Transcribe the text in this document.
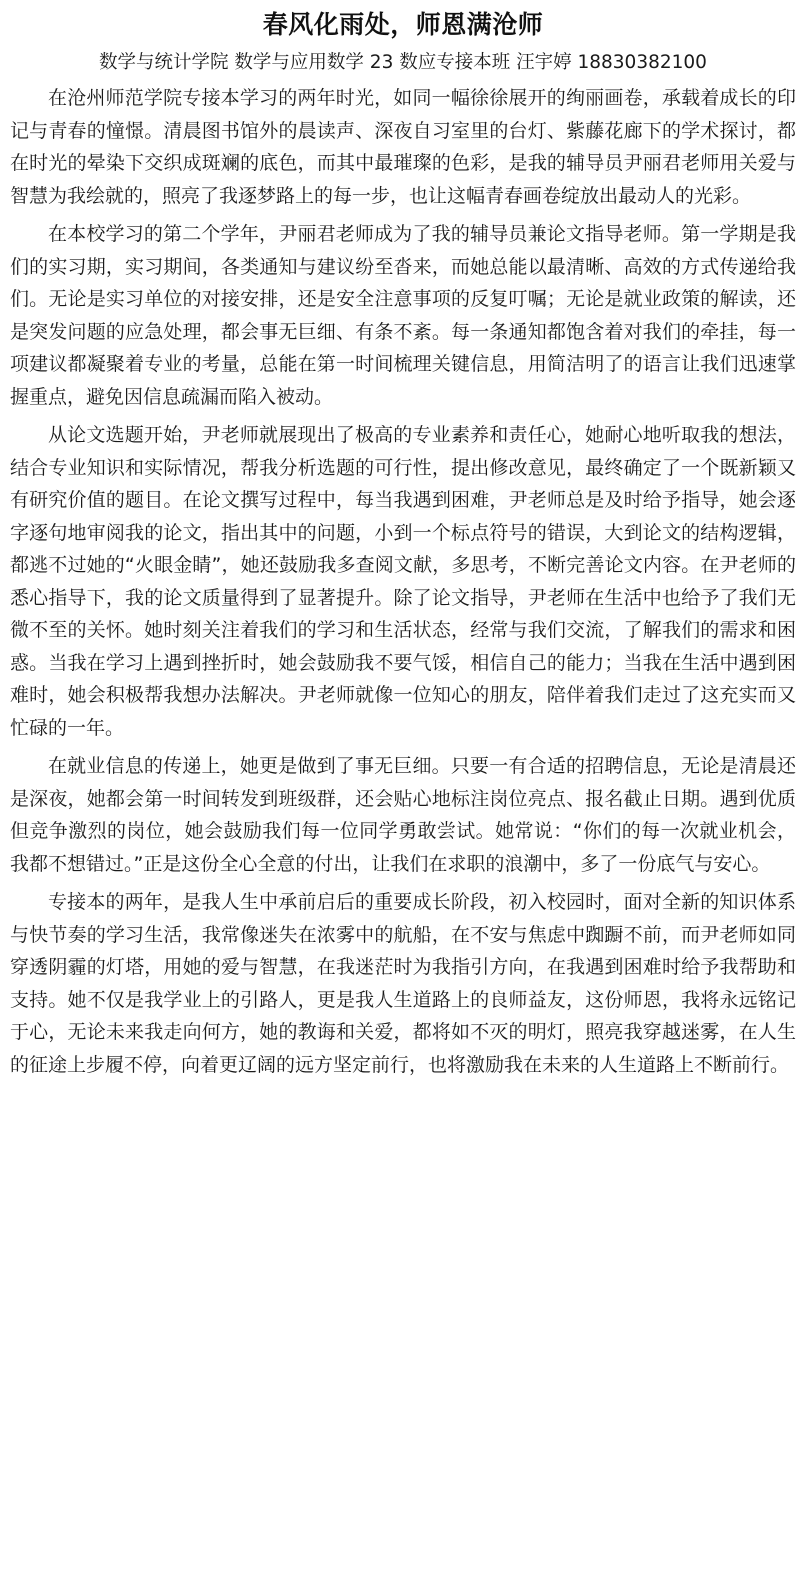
春风化雨处，师恩满沧师
数学与统计学院 数学与应用数学 23 数应专接本班 汪宇婷 18830382100

在沧州师范学院专接本学习的两年时光，如同一幅徐徐展开的绚丽画卷，承载着成长的印记与青春的憧憬。清晨图书馆外的晨读声、深夜自习室里的台灯、紫藤花廊下的学术探讨，都在时光的晕染下交织成斑斓的底色，而其中最璀璨的色彩，是我的辅导员尹丽君老师用关爱与智慧为我绘就的，照亮了我逐梦路上的每一步，也让这幅青春画卷绽放出最动人的光彩。

在本校学习的第二个学年，尹丽君老师成为了我的辅导员兼论文指导老师。第一学期是我们的实习期，实习期间，各类通知与建议纷至沓来，而她总能以最清晰、高效的方式传递给我们。无论是实习单位的对接安排，还是安全注意事项的反复叮嘱；无论是就业政策的解读，还是突发问题的应急处理，都会事无巨细、有条不紊。每一条通知都饱含着对我们的牵挂，每一项建议都凝聚着专业的考量，总能在第一时间梳理关键信息，用简洁明了的语言让我们迅速掌握重点，避免因信息疏漏而陷入被动。

从论文选题开始，尹老师就展现出了极高的专业素养和责任心，她耐心地听取我的想法，结合专业知识和实际情况，帮我分析选题的可行性，提出修改意见，最终确定了一个既新颖又有研究价值的题目。在论文撰写过程中，每当我遇到困难，尹老师总是及时给予指导，她会逐字逐句地审阅我的论文，指出其中的问题，小到一个标点符号的错误，大到论文的结构逻辑，都逃不过她的“火眼金睛”，她还鼓励我多查阅文献，多思考，不断完善论文内容。在尹老师的悉心指导下，我的论文质量得到了显著提升。除了论文指导，尹老师在生活中也给予了我们无微不至的关怀。她时刻关注着我们的学习和生活状态，经常与我们交流，了解我们的需求和困惑。当我在学习上遇到挫折时，她会鼓励我不要气馁，相信自己的能力；当我在生活中遇到困难时，她会积极帮我想办法解决。尹老师就像一位知心的朋友，陪伴着我们走过了这充实而又忙碌的一年。

在就业信息的传递上，她更是做到了事无巨细。只要一有合适的招聘信息，无论是清晨还是深夜，她都会第一时间转发到班级群，还会贴心地标注岗位亮点、报名截止日期。遇到优质但竞争激烈的岗位，她会鼓励我们每一位同学勇敢尝试。她常说：“你们的每一次就业机会，我都不想错过。”正是这份全心全意的付出，让我们在求职的浪潮中，多了一份底气与安心。

专接本的两年，是我人生中承前启后的重要成长阶段，初入校园时，面对全新的知识体系与快节奏的学习生活，我常像迷失在浓雾中的航船，在不安与焦虑中踟蹰不前，而尹老师如同穿透阴霾的灯塔，用她的爱与智慧，在我迷茫时为我指引方向，在我遇到困难时给予我帮助和支持。她不仅是我学业上的引路人，更是我人生道路上的良师益友，这份师恩，我将永远铭记于心，无论未来我走向何方，她的教诲和关爱，都将如不灭的明灯，照亮我穿越迷雾，在人生的征途上步履不停，向着更辽阔的远方坚定前行，也将激励我在未来的人生道路上不断前行。
